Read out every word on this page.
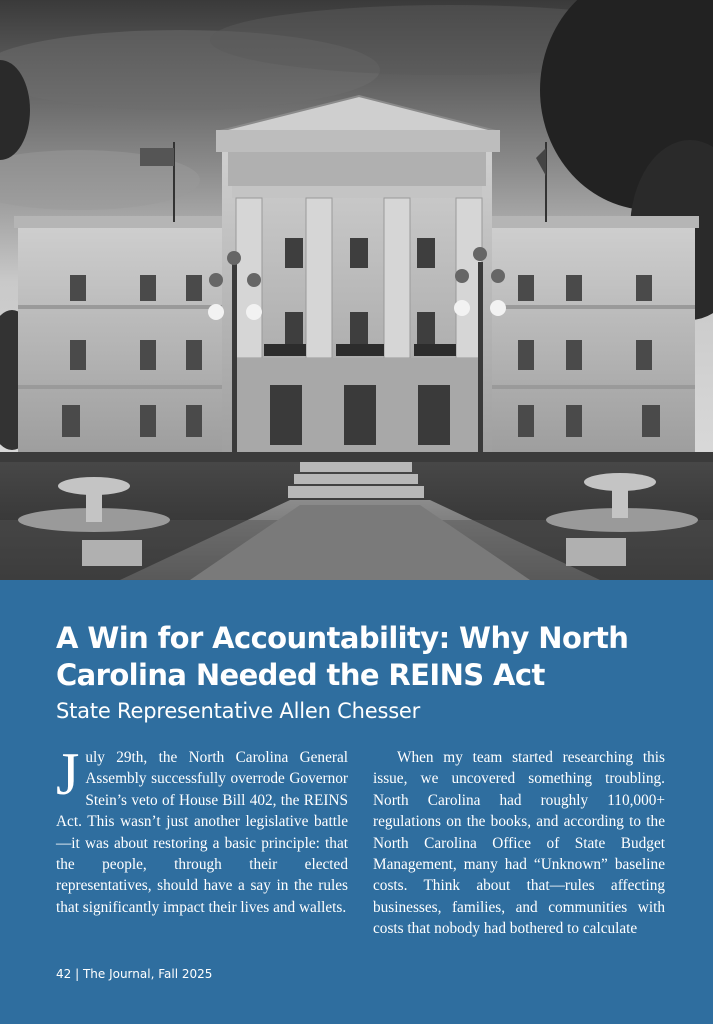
A Win for Accountability: Why North Carolina Needed the REINS Act

State Representative Allen Chesser

July 29th, the North Carolina General Assembly successfully overrode Governor Stein’s veto of House Bill 402, the REINS Act. This wasn’t just another legislative battle—it was about restoring a basic principle: that the people, through their elected representatives, should have a say in the rules that significantly impact their lives and wallets.

When my team started researching this issue, we uncovered something troubling. North Carolina had roughly 110,000+ regulations on the books, and according to the North Carolina Office of State Budget Management, many had “Unknown” baseline costs. Think about that—rules affecting businesses, families, and communities with costs that nobody had bothered to calculate

42 | The Journal, Fall 2025
